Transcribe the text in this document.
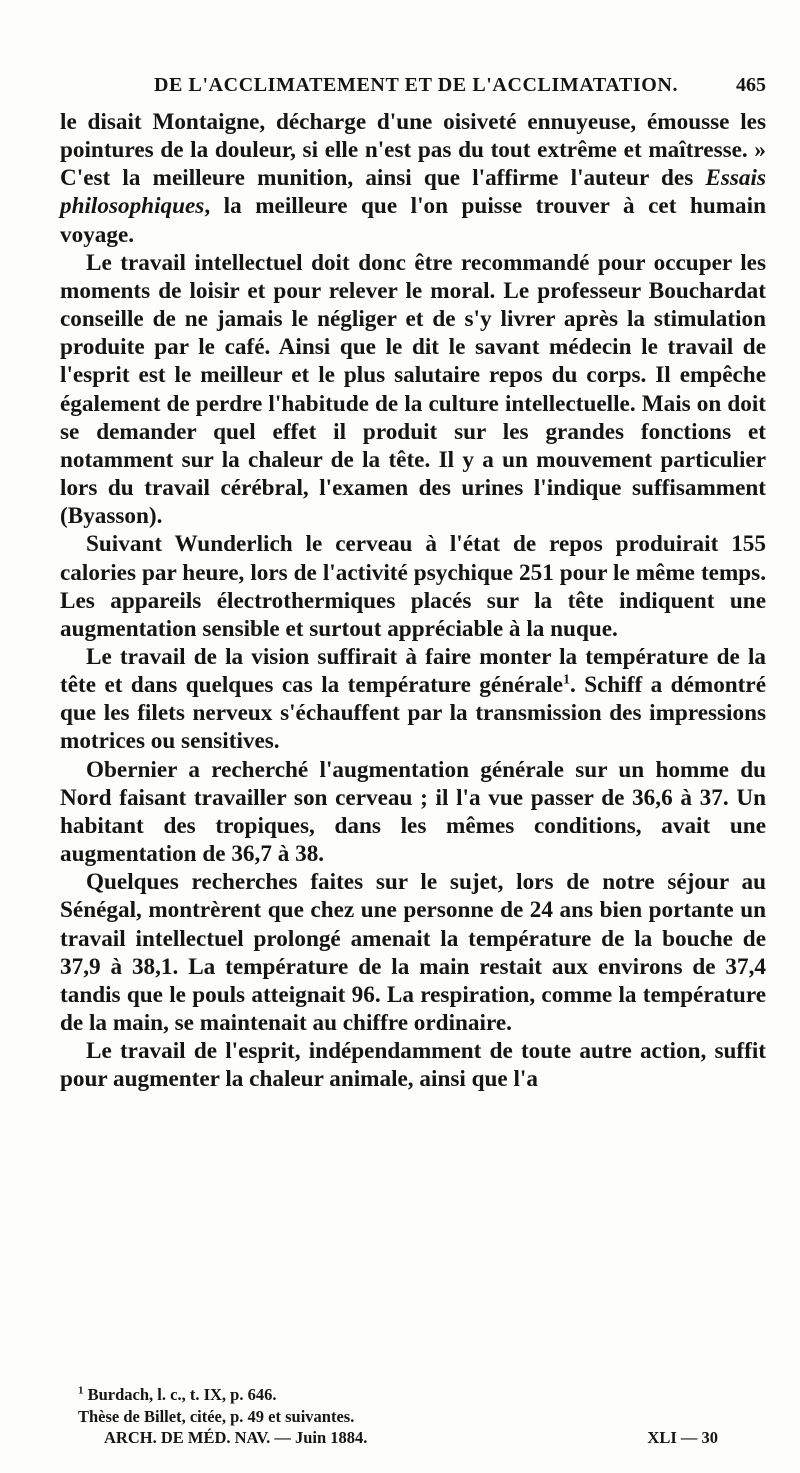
DE L'ACCLIMATEMENT ET DE L'ACCLIMATATION.	465

le disait Montaigne, décharge d'une oisiveté ennuyeuse, émousse les pointures de la douleur, si elle n'est pas du tout extrême et maîtresse. » C'est la meilleure munition, ainsi que l'affirme l'auteur des Essais philosophiques, la meilleure que l'on puisse trouver à cet humain voyage.

Le travail intellectuel doit donc être recommandé pour occuper les moments de loisir et pour relever le moral. Le professeur Bouchardat conseille de ne jamais le négliger et de s'y livrer après la stimulation produite par le café. Ainsi que le dit le savant médecin le travail de l'esprit est le meilleur et le plus salutaire repos du corps. Il empêche également de perdre l'habitude de la culture intellectuelle. Mais on doit se demander quel effet il produit sur les grandes fonctions et notamment sur la chaleur de la tête. Il y a un mouvement particulier lors du travail cérébral, l'examen des urines l'indique suffisamment (Byasson).

Suivant Wunderlich le cerveau à l'état de repos produirait 155 calories par heure, lors de l'activité psychique 251 pour le même temps. Les appareils électrothermiques placés sur la tête indiquent une augmentation sensible et surtout appréciable à la nuque.

Le travail de la vision suffirait à faire monter la température de la tête et dans quelques cas la température générale$^1$. Schiff a démontré que les filets nerveux s'échauffent par la transmission des impressions motrices ou sensitives.

Obernier a recherché l'augmentation générale sur un homme du Nord faisant travailler son cerveau ; il l'a vue passer de 36,6 à 37. Un habitant des tropiques, dans les mêmes conditions, avait une augmentation de 36,7 à 38.

Quelques recherches faites sur le sujet, lors de notre séjour au Sénégal, montrèrent que chez une personne de 24 ans bien portante un travail intellectuel prolongé amenait la température de la bouche de 37,9 à 38,1. La température de la main restait aux environs de 37,4 tandis que le pouls atteignait 96. La respiration, comme la température de la main, se maintenait au chiffre ordinaire.

Le travail de l'esprit, indépendamment de toute autre action, suffit pour augmenter la chaleur animale, ainsi que l'a

$^1$ Burdach, l. c., t. IX, p. 646.

Thèse de Billet, citée, p. 49 et suivantes.

ARCH. DE MÉD. NAV. — Juin 1884.	XLI — 30
